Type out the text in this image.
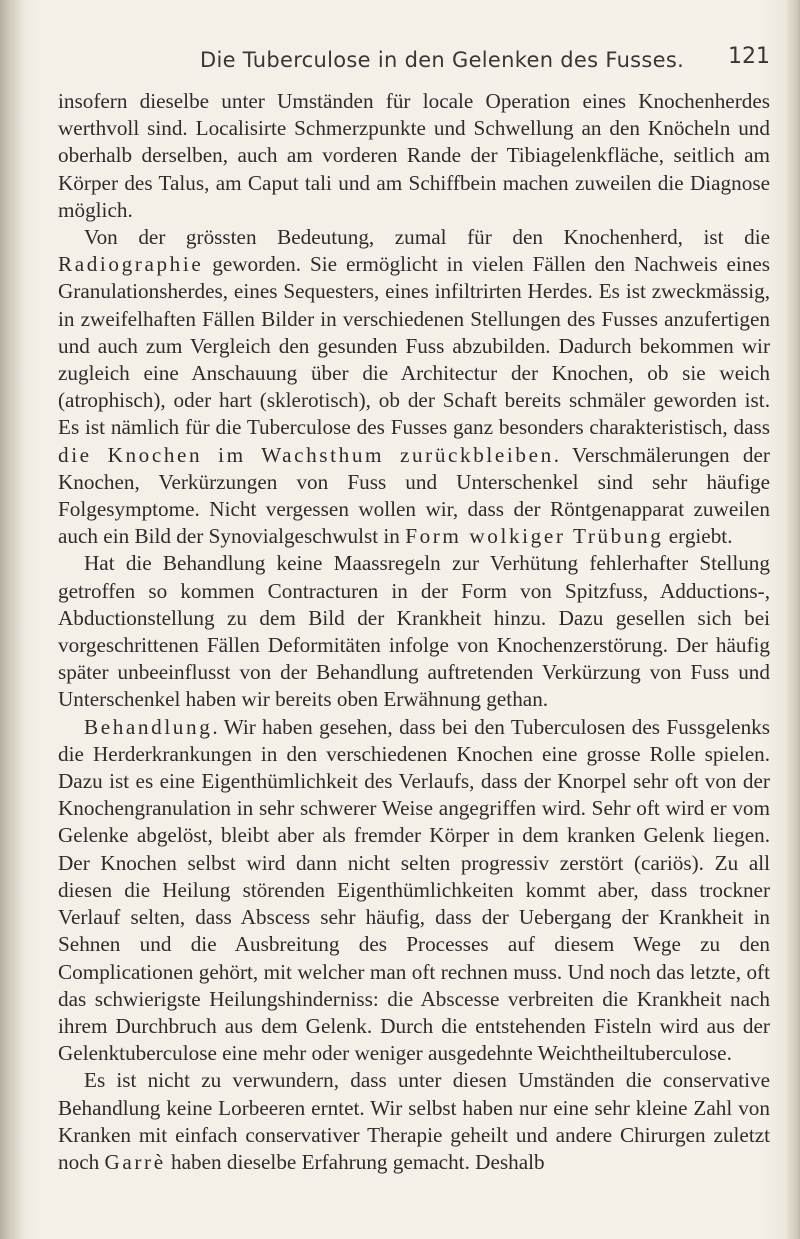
Die Tuberculose in den Gelenken des Fusses. 121

insofern dieselbe unter Umständen für locale Operation eines Knochenherdes werthvoll sind. Localisirte Schmerzpunkte und Schwellung an den Knöcheln und oberhalb derselben, auch am vorderen Rande der Tibiagelenkfläche, seitlich am Körper des Talus, am Caput tali und am Schiffbein machen zuweilen die Diagnose möglich.

Von der grössten Bedeutung, zumal für den Knochenherd, ist die Radiographie geworden. Sie ermöglicht in vielen Fällen den Nachweis eines Granulationsherdes, eines Sequesters, eines infiltrirten Herdes. Es ist zweckmässig, in zweifelhaften Fällen Bilder in verschiedenen Stellungen des Fusses anzufertigen und auch zum Vergleich den gesunden Fuss abzubilden. Dadurch bekommen wir zugleich eine Anschauung über die Architectur der Knochen, ob sie weich (atrophisch), oder hart (sklerotisch), ob der Schaft bereits schmäler geworden ist. Es ist nämlich für die Tuberculose des Fusses ganz besonders charakteristisch, dass die Knochen im Wachsthum zurückbleiben. Verschmälerungen der Knochen, Verkürzungen von Fuss und Unterschenkel sind sehr häufige Folgesymptome. Nicht vergessen wollen wir, dass der Röntgenapparat zuweilen auch ein Bild der Synovialgeschwulst in Form wolkiger Trübung ergiebt.

Hat die Behandlung keine Maassregeln zur Verhütung fehlerhafter Stellung getroffen so kommen Contracturen in der Form von Spitzfuss, Adductions-, Abductionstellung zu dem Bild der Krankheit hinzu. Dazu gesellen sich bei vorgeschrittenen Fällen Deformitäten infolge von Knochenzerstörung. Der häufig später unbeeinflusst von der Behandlung auftretenden Verkürzung von Fuss und Unterschenkel haben wir bereits oben Erwähnung gethan.

Behandlung. Wir haben gesehen, dass bei den Tuberculosen des Fussgelenks die Herderkrankungen in den verschiedenen Knochen eine grosse Rolle spielen. Dazu ist es eine Eigenthümlichkeit des Verlaufs, dass der Knorpel sehr oft von der Knochengranulation in sehr schwerer Weise angegriffen wird. Sehr oft wird er vom Gelenke abgelöst, bleibt aber als fremder Körper in dem kranken Gelenk liegen. Der Knochen selbst wird dann nicht selten progressiv zerstört (cariös). Zu all diesen die Heilung störenden Eigenthümlichkeiten kommt aber, dass trockner Verlauf selten, dass Abscess sehr häufig, dass der Uebergang der Krankheit in Sehnen und die Ausbreitung des Processes auf diesem Wege zu den Complicationen gehört, mit welcher man oft rechnen muss. Und noch das letzte, oft das schwierigste Heilungshinderniss: die Abscesse verbreiten die Krankheit nach ihrem Durchbruch aus dem Gelenk. Durch die entstehenden Fisteln wird aus der Gelenktuberculose eine mehr oder weniger ausgedehnte Weichtheiltuberculose.

Es ist nicht zu verwundern, dass unter diesen Umständen die conservative Behandlung keine Lorbeeren erntet. Wir selbst haben nur eine sehr kleine Zahl von Kranken mit einfach conservativer Therapie geheilt und andere Chirurgen zuletzt noch Garrè haben dieselbe Erfahrung gemacht. Deshalb
